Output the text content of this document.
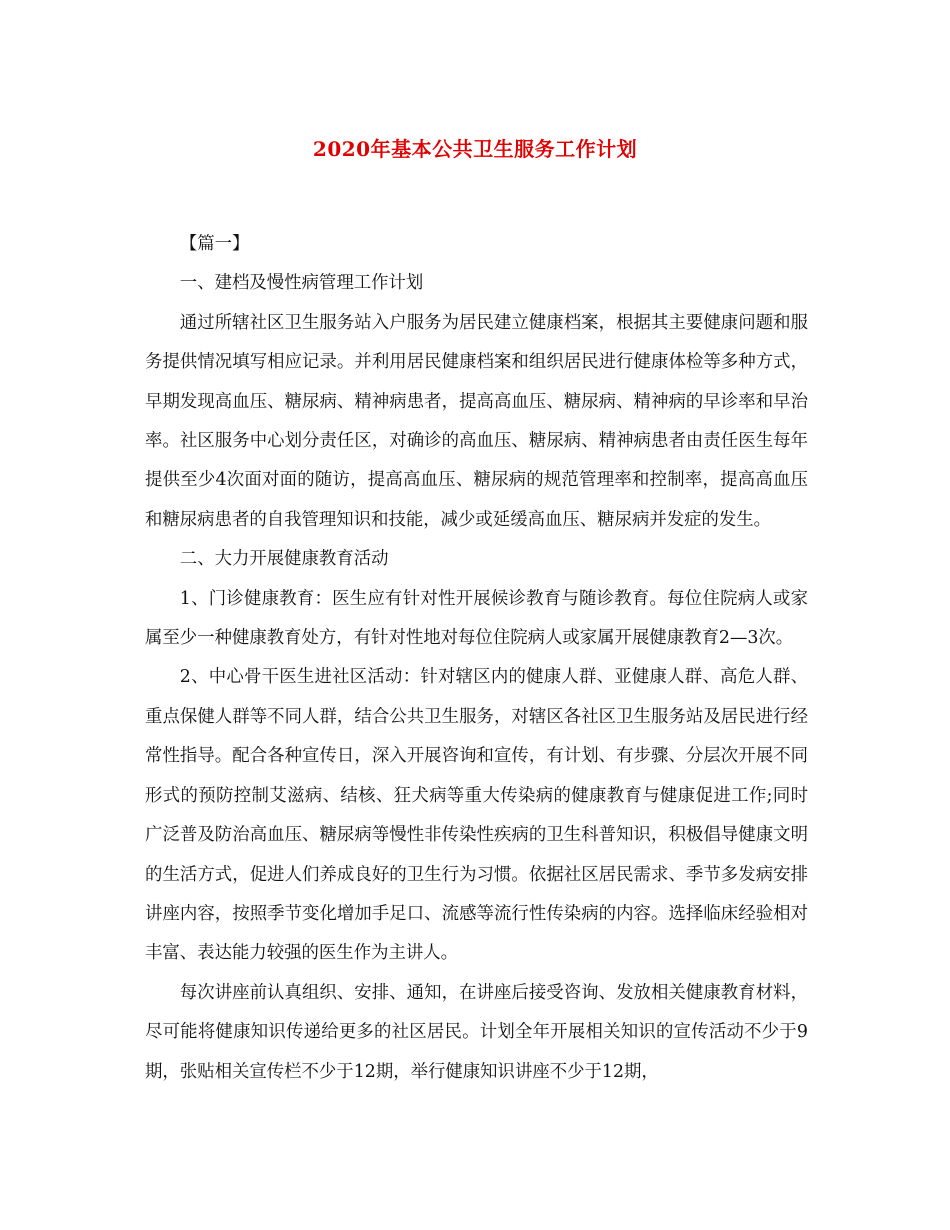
2020年基本公共卫生服务工作计划

【篇一】

一、建档及慢性病管理工作计划

通过所辖社区卫生服务站入户服务为居民建立健康档案，根据其主要健康问题和服务提供情况填写相应记录。并利用居民健康档案和组织居民进行健康体检等多种方式，早期发现高血压、糖尿病、精神病患者，提高高血压、糖尿病、精神病的早诊率和早治率。社区服务中心划分责任区，对确诊的高血压、糖尿病、精神病患者由责任医生每年提供至少4次面对面的随访，提高高血压、糖尿病的规范管理率和控制率，提高高血压和糖尿病患者的自我管理知识和技能，减少或延缓高血压、糖尿病并发症的发生。

二、大力开展健康教育活动

1、门诊健康教育：医生应有针对性开展候诊教育与随诊教育。每位住院病人或家属至少一种健康教育处方，有针对性地对每位住院病人或家属开展健康教育2—3次。

2、中心骨干医生进社区活动：针对辖区内的健康人群、亚健康人群、高危人群、重点保健人群等不同人群，结合公共卫生服务，对辖区各社区卫生服务站及居民进行经常性指导。配合各种宣传日，深入开展咨询和宣传，有计划、有步骤、分层次开展不同形式的预防控制艾滋病、结核、狂犬病等重大传染病的健康教育与健康促进工作;同时广泛普及防治高血压、糖尿病等慢性非传染性疾病的卫生科普知识，积极倡导健康文明的生活方式，促进人们养成良好的卫生行为习惯。依据社区居民需求、季节多发病安排讲座内容，按照季节变化增加手足口、流感等流行性传染病的内容。选择临床经验相对丰富、表达能力较强的医生作为主讲人。

每次讲座前认真组织、安排、通知，在讲座后接受咨询、发放相关健康教育材料，尽可能将健康知识传递给更多的社区居民。计划全年开展相关知识的宣传活动不少于9期，张贴相关宣传栏不少于12期，举行健康知识讲座不少于12期，
